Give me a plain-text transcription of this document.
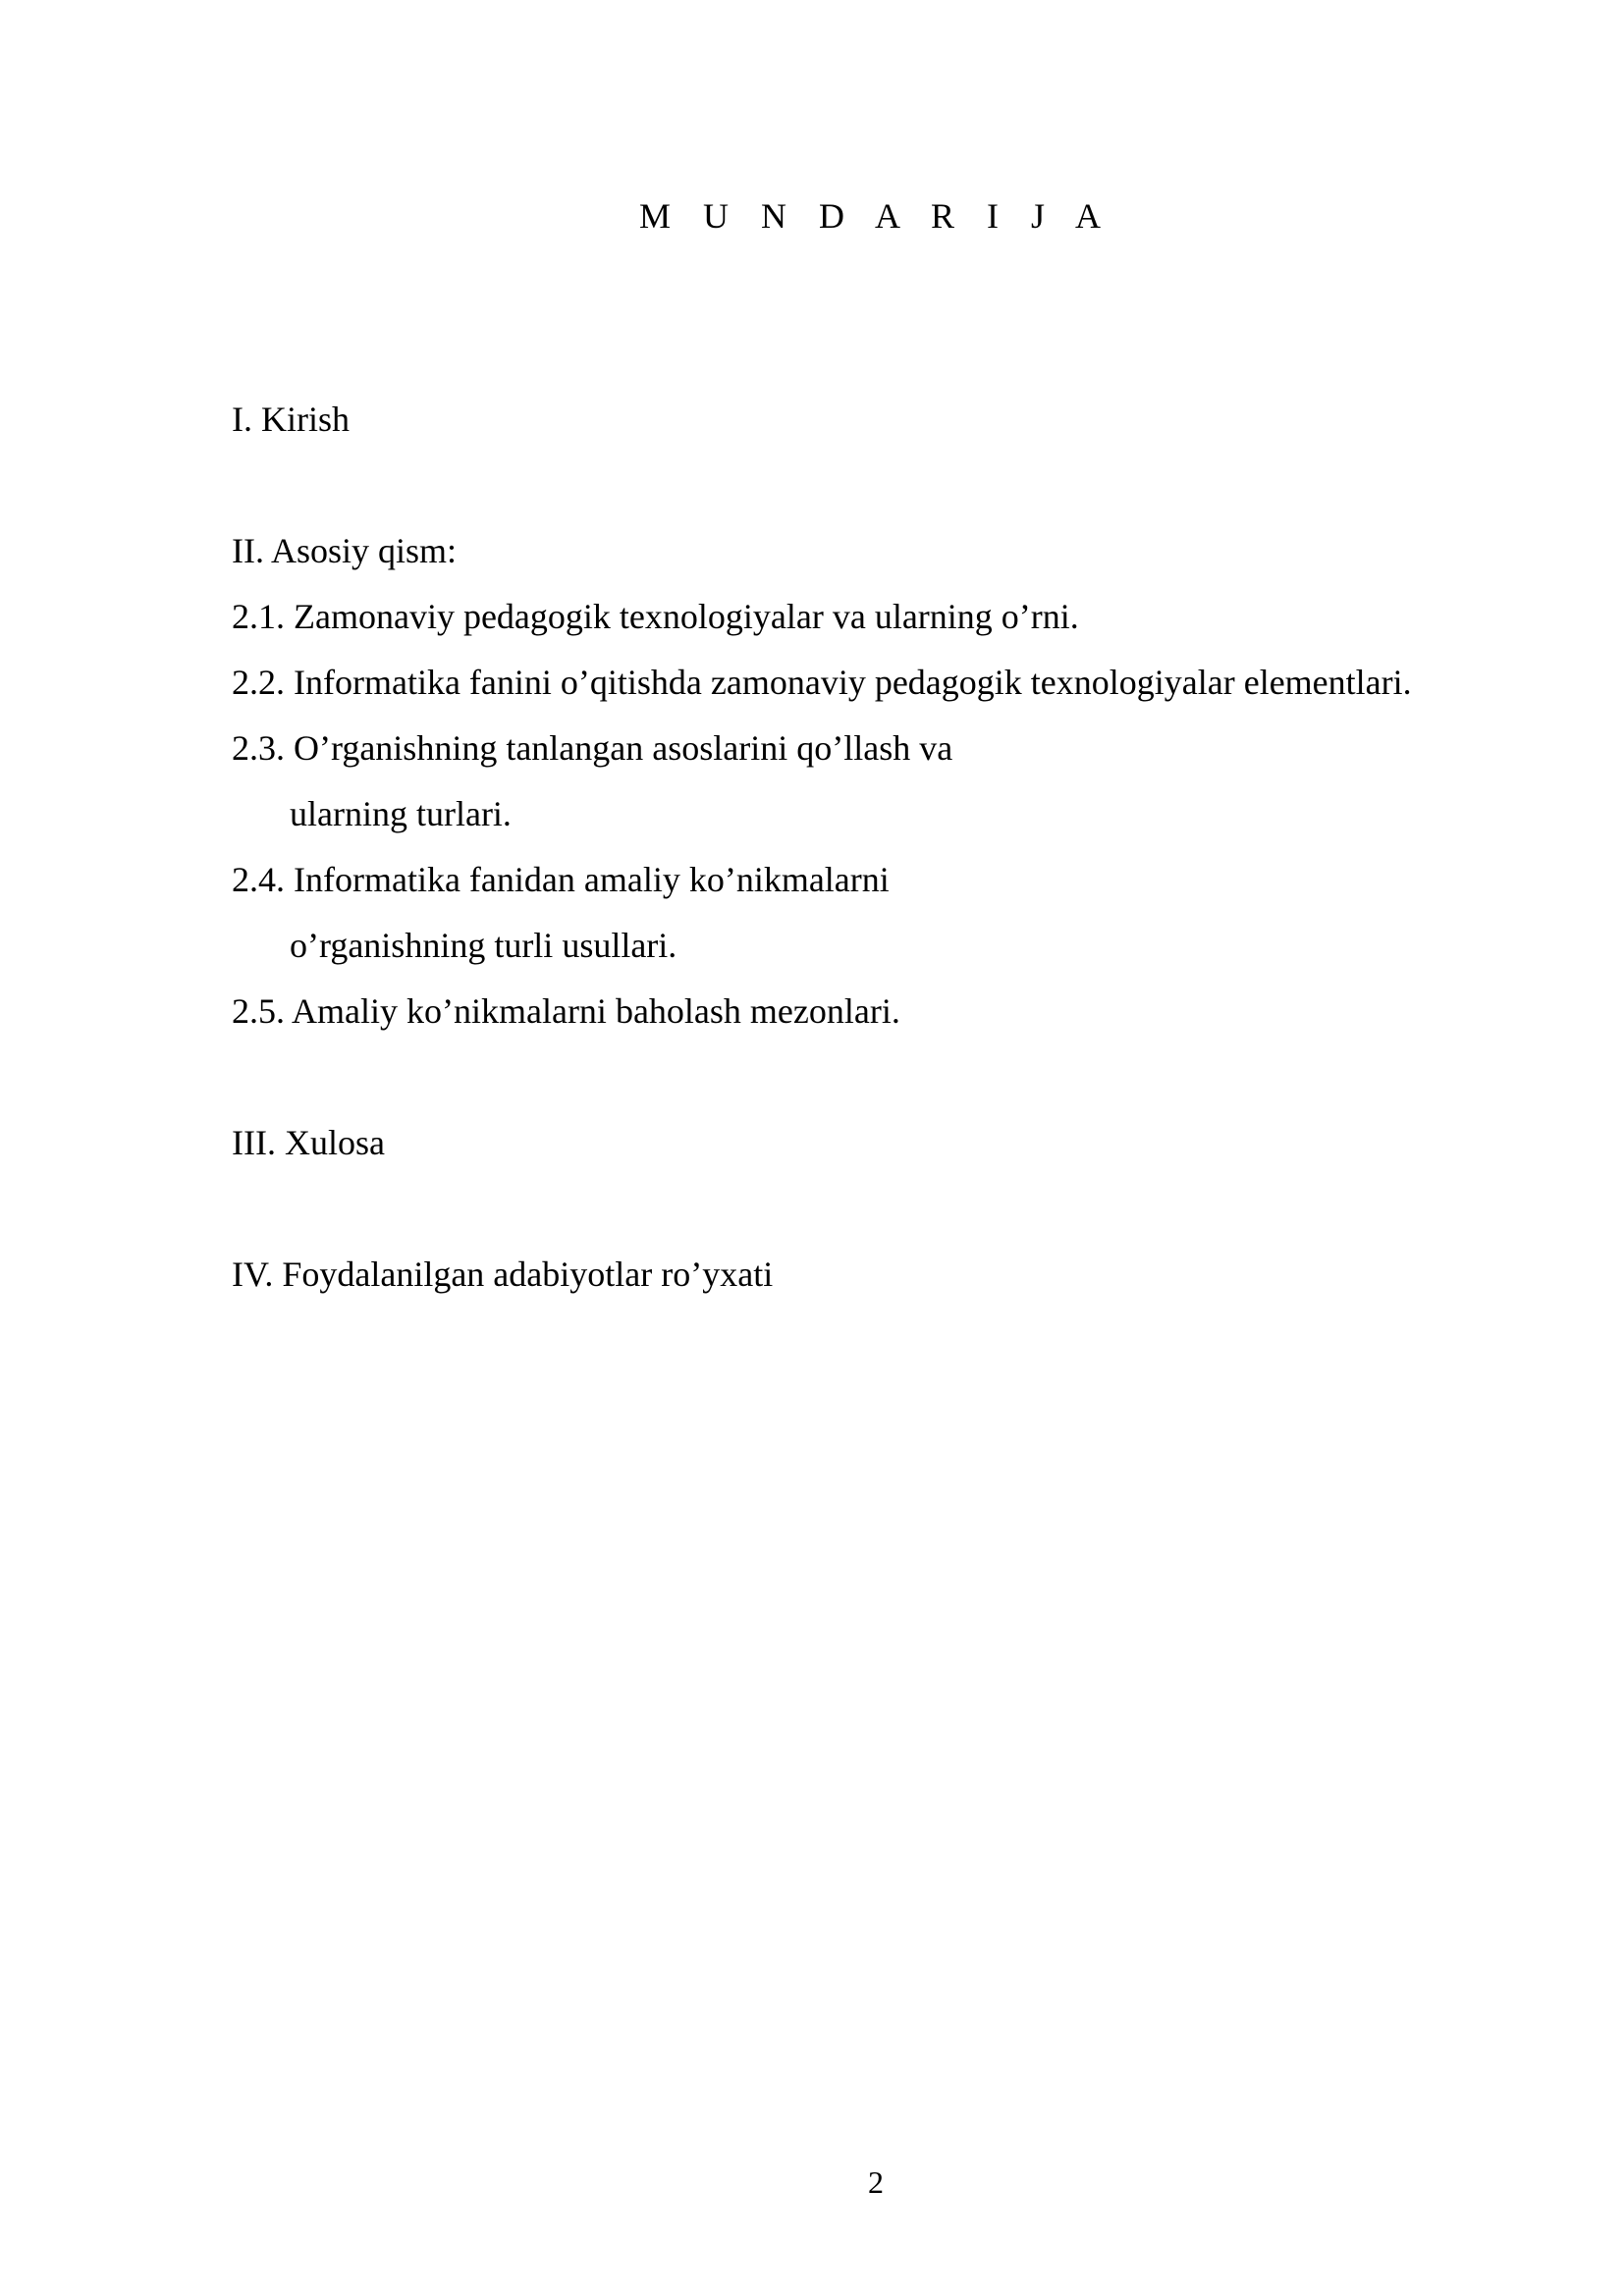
M U N D A R I J A
I. Kirish
II. Asosiy qism:
2.1. Zamonaviy pedagogik texnologiyalar va ularning o’rni.
2.2. Informatika fanini o’qitishda zamonaviy pedagogik texnologiyalar elementlari.
2.3. O’rganishning tanlangan asoslarini qo’llash va
ularning turlari.
2.4. Informatika fanidan amaliy ko’nikmalarni
o’rganishning turli usullari.
2.5. Amaliy ko’nikmalarni baholash mezonlari.
III. Xulosa
IV. Foydalanilgan adabiyotlar ro’yxati
2
